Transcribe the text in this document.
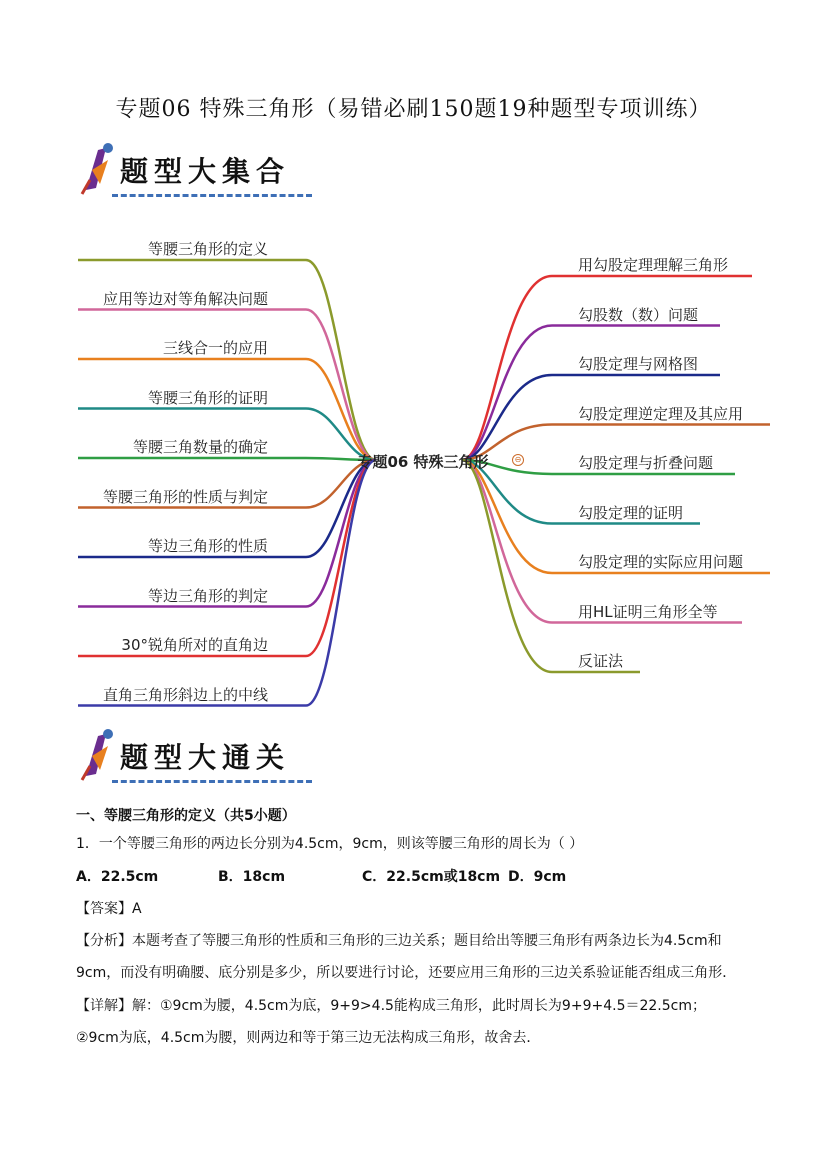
专题06 特殊三角形（易错必刷150题19种题型专项训练）
题型大集合
等腰三角形的定义
应用等边对等角解决问题
三线合一的应用
等腰三角形的证明
等腰三角数量的确定
等腰三角形的性质与判定
等边三角形的性质
等边三角形的判定
30°锐角所对的直角边
直角三角形斜边上的中线
用勾股定理理解三角形
勾股数（数）问题
勾股定理与网格图
勾股定理逆定理及其应用
勾股定理与折叠问题
勾股定理的证明
勾股定理的实际应用问题
用HL证明三角形全等
反证法
专题06 特殊三角形	⊖
题型大通关
一、等腰三角形的定义（共5小题）
1．一个等腰三角形的两边长分别为4.5cm，9cm，则该等腰三角形的周长为（ ）
A．22.5cm	B．18cm	C．22.5cm或18cm D．9cm
【答案】A
【分析】本题考查了等腰三角形的性质和三角形的三边关系；题目给出等腰三角形有两条边长为4.5cm和
9cm，而没有明确腰、底分别是多少，所以要进行讨论，还要应用三角形的三边关系验证能否组成三角形．
【详解】解：①9cm为腰，4.5cm为底，9+9>4.5能构成三角形，此时周长为9+9+4.5＝22.5cm；
②9cm为底，4.5cm为腰，则两边和等于第三边无法构成三角形，故舍去．
